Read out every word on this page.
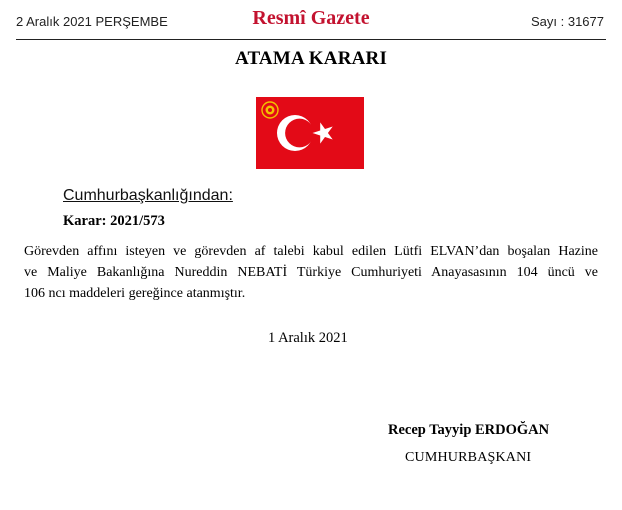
2 Aralık 2021 PERŞEMBE	Resmî Gazete	Sayı : 31677
ATAMA KARARI
Cumhurbaşkanlığından:
Karar: 2021/573

Görevden affını isteyen ve görevden af talebi kabul edilen Lütfi ELVAN’dan boşalan Hazine
ve Maliye Bakanlığına Nureddin NEBATİ Türkiye Cumhuriyeti Anayasasının 104 üncü ve
106 ncı maddeleri gereğince atanmıştır.

1 Aralık 2021
Recep Tayyip ERDOĞAN
CUMHURBAŞKANI
